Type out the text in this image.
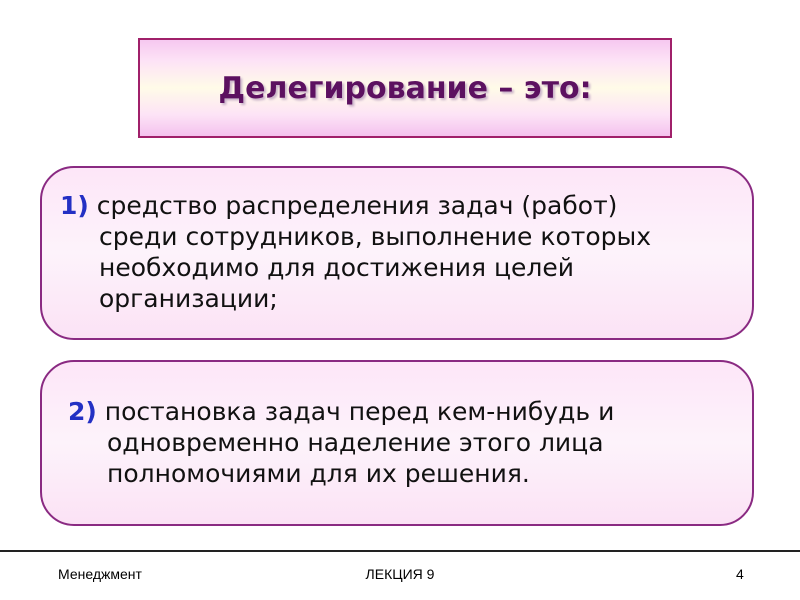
Делегирование – это:

1) средство распределения задач (работ)
среди сотрудников, выполнение которых
необходимо для достижения целей
организации;

2) постановка задач перед кем-нибудь и
одновременно наделение этого лица
полномочиями для их решения.

Менеджмент	ЛЕКЦИЯ 9	4
